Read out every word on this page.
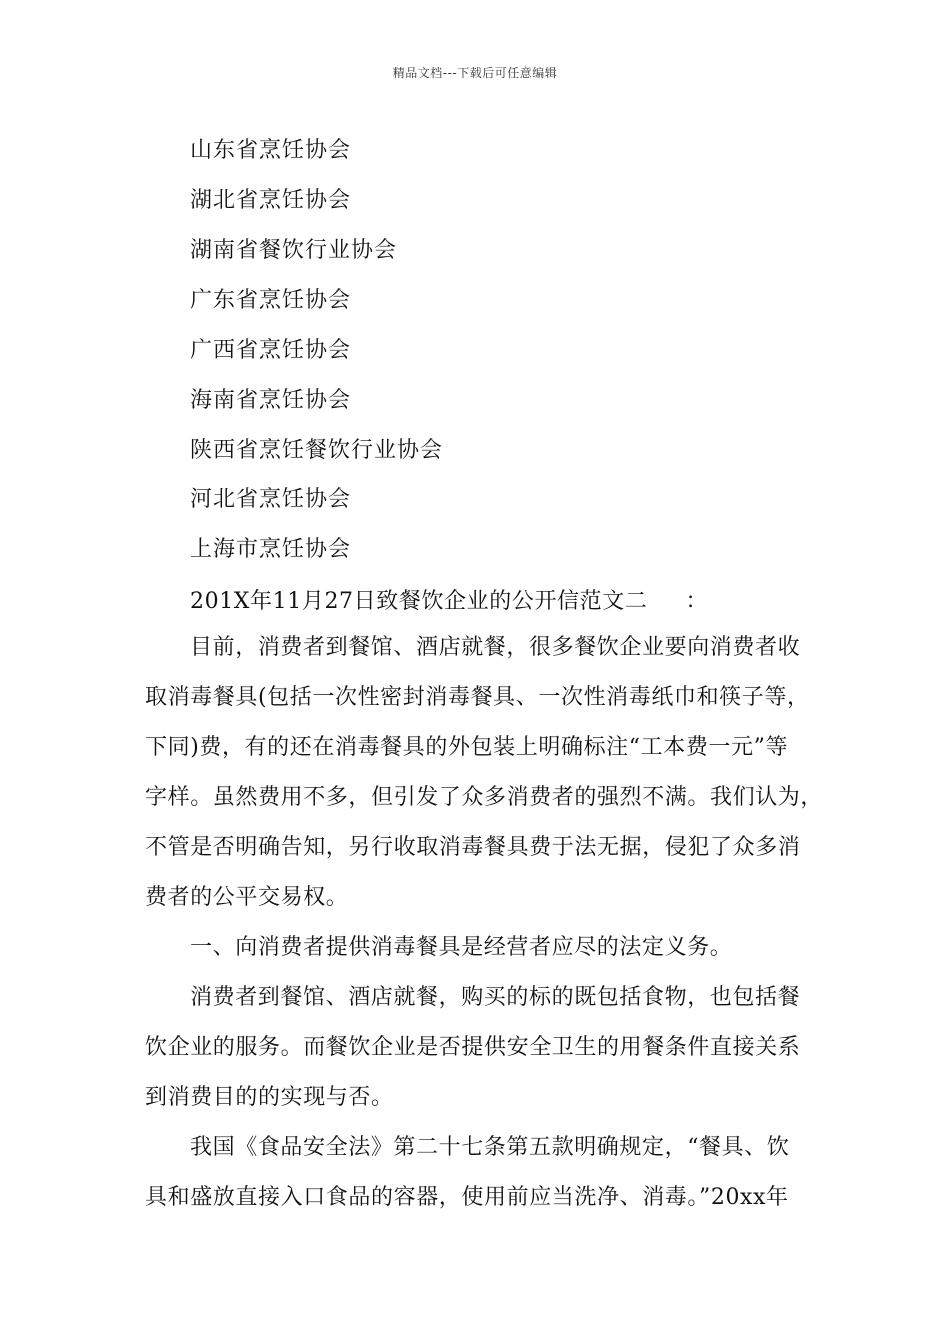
精品文档---下载后可任意编辑
山东省烹饪协会
湖北省烹饪协会
湖南省餐饮行业协会
广东省烹饪协会
广西省烹饪协会
海南省烹饪协会
陕西省烹饪餐饮行业协会
河北省烹饪协会
上海市烹饪协会
201X年11月27日致餐饮企业的公开信范文二 ：
目前，消费者到餐馆、酒店就餐，很多餐饮企业要向消费者收
取消毒餐具(包括一次性密封消毒餐具、一次性消毒纸巾和筷子等，
下同)费，有的还在消毒餐具的外包装上明确标注“工本费一元”等
字样。虽然费用不多，但引发了众多消费者的强烈不满。我们认为，
不管是否明确告知，另行收取消毒餐具费于法无据，侵犯了众多消
费者的公平交易权。
一、向消费者提供消毒餐具是经营者应尽的法定义务。
消费者到餐馆、酒店就餐，购买的标的既包括食物，也包括餐
饮企业的服务。而餐饮企业是否提供安全卫生的用餐条件直接关系
到消费目的的实现与否。
我国《食品安全法》第二十七条第五款明确规定，“餐具、饮
具和盛放直接入口食品的容器，使用前应当洗净、消毒。”20xx年
